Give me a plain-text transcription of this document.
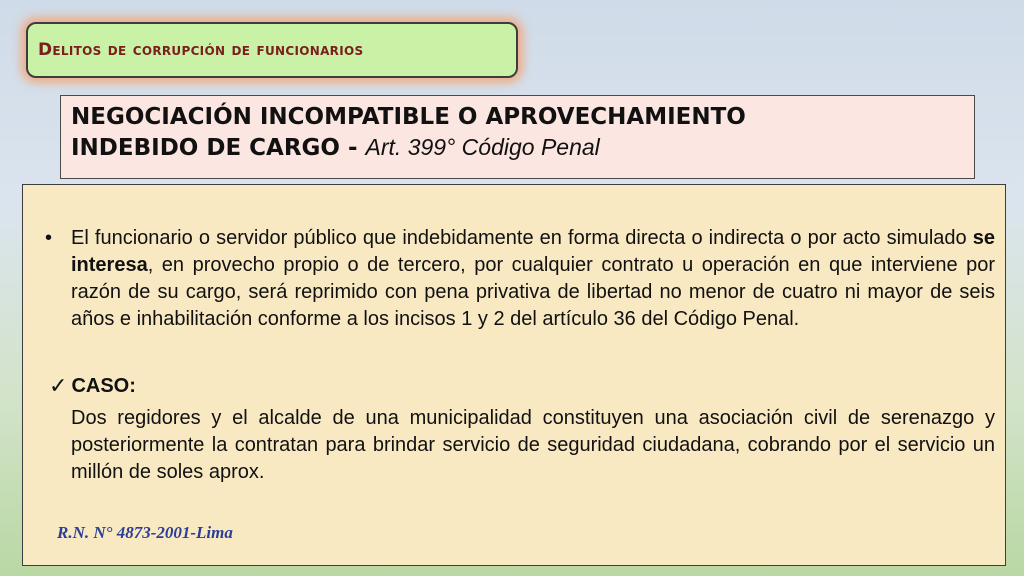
Delitos de corrupción de funcionarios
NEGOCIACIÓN INCOMPATIBLE O APROVECHAMIENTO
INDEBIDO DE CARGO - Art. 399° Código Penal
• El funcionario o servidor público que indebidamente en forma directa o indirecta o por acto simulado se interesa, en provecho propio o de tercero, por cualquier contrato u operación en que interviene por razón de su cargo, será reprimido con pena privativa de libertad no menor de cuatro ni mayor de seis años e inhabilitación conforme a los incisos 1 y 2 del artículo 36 del Código Penal.
✓ CASO:
Dos regidores y el alcalde de una municipalidad constituyen una asociación civil de serenazgo y posteriormente la contratan para brindar servicio de seguridad ciudadana, cobrando por el servicio un millón de soles aprox.
R.N. N° 4873-2001-Lima
